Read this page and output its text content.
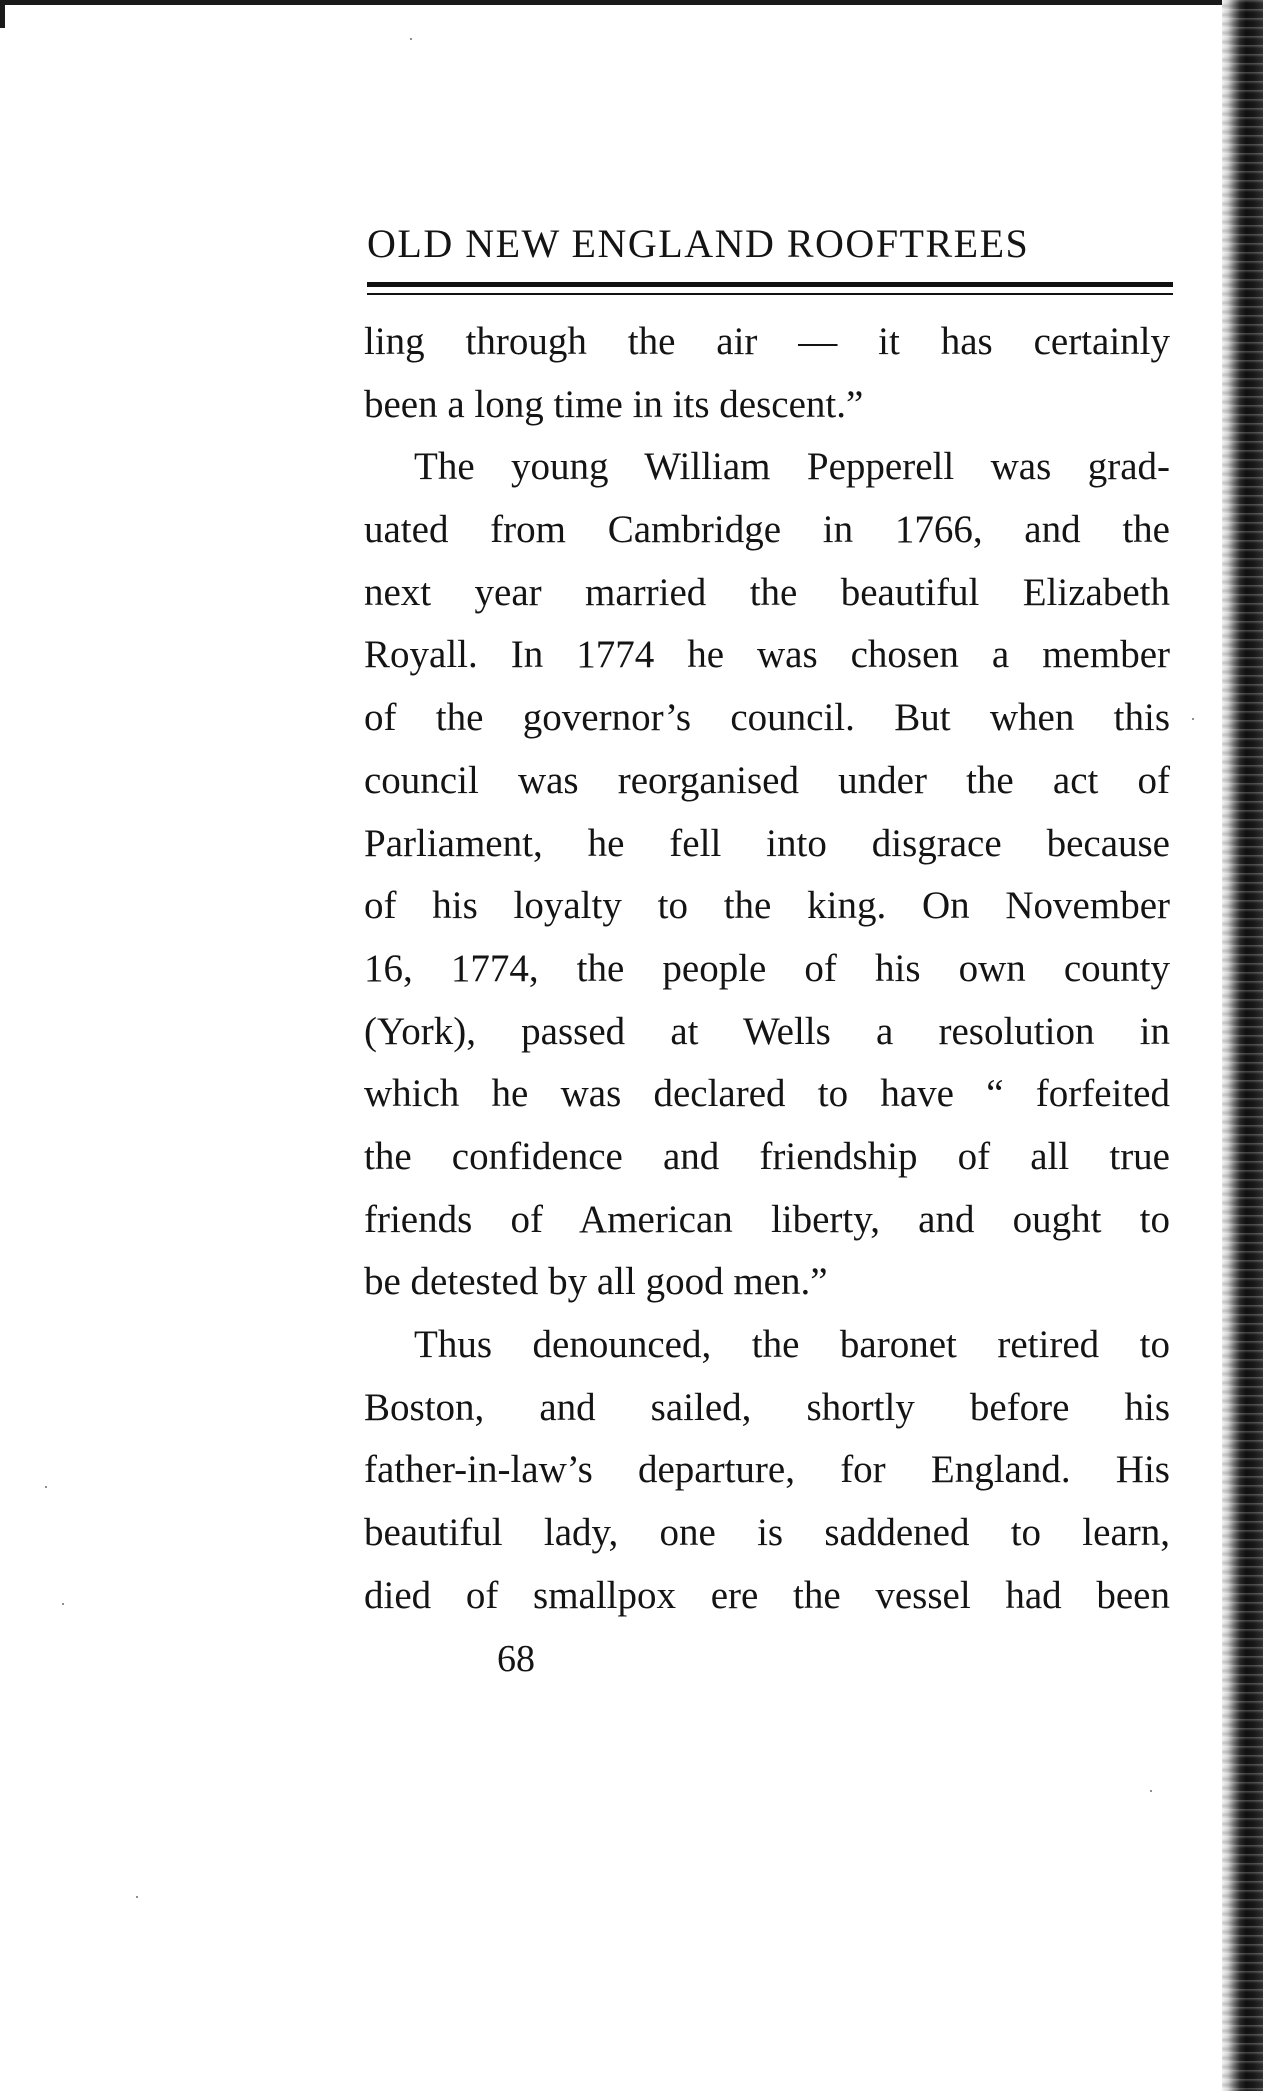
OLD NEW ENGLAND ROOFTREES
ling through the air — it has certainly
been a long time in its descent.”
The young William Pepperell was grad-
uated from Cambridge in 1766, and the
next year married the beautiful Elizabeth
Royall. In 1774 he was chosen a member
of the governor’s council. But when this
council was reorganised under the act of
Parliament, he fell into disgrace because
of his loyalty to the king. On November
16, 1774, the people of his own county
(York), passed at Wells a resolution in
which he was declared to have “ forfeited
the confidence and friendship of all true
friends of American liberty, and ought to
be detested by all good men.”
Thus denounced, the baronet retired to
Boston, and sailed, shortly before his
father-in-law’s departure, for England. His
beautiful lady, one is saddened to learn,
died of smallpox ere the vessel had been
68
